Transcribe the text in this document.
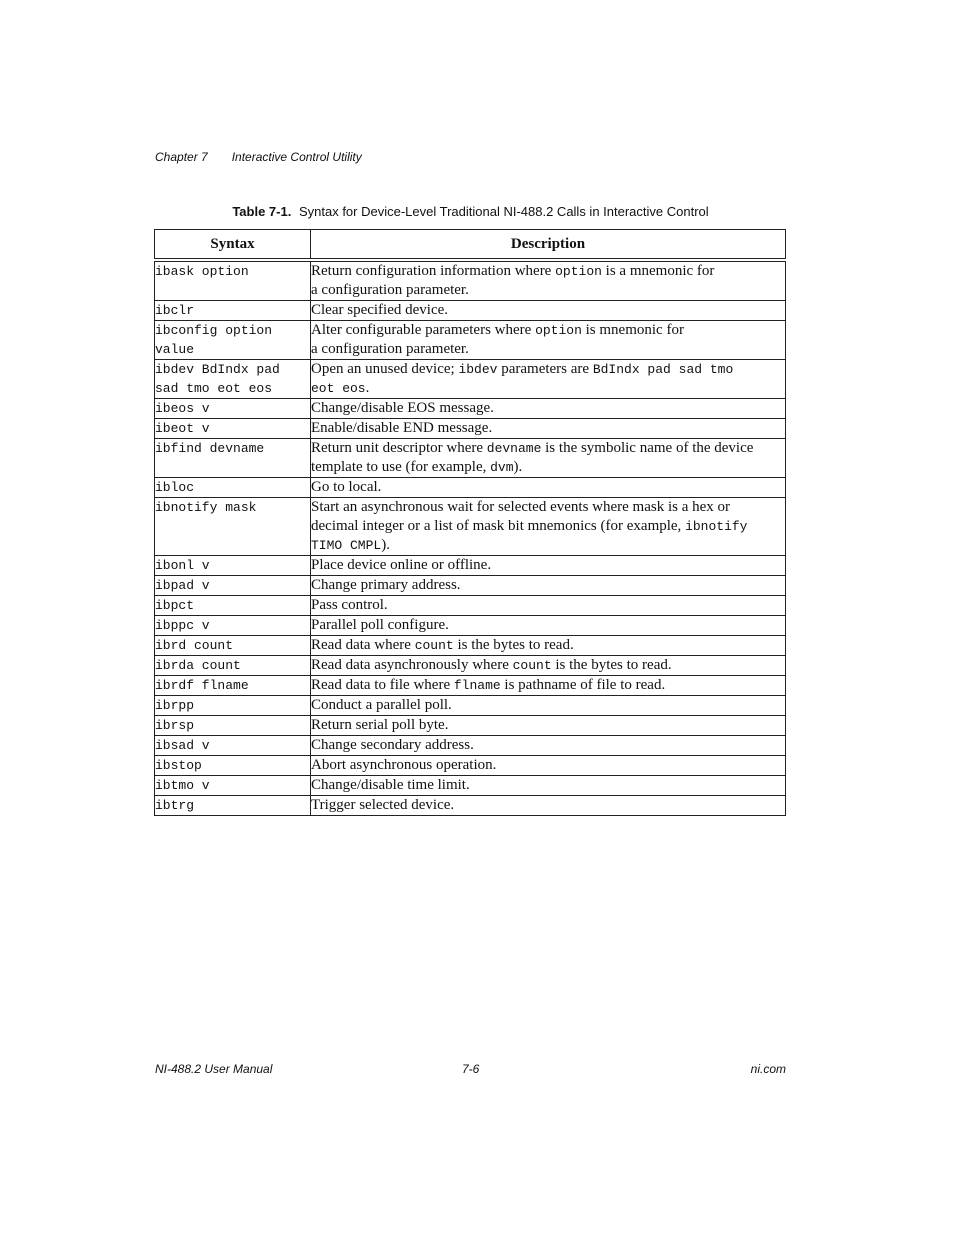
Chapter 7 Interactive Control Utility
Table 7-1. Syntax for Device-Level Traditional NI-488.2 Calls in Interactive Control
Syntax	Description
ibask option	Return configuration information where option is a mnemonic for
a configuration parameter.
ibclr	Clear specified device.
ibconfig option
value	Alter configurable parameters where option is mnemonic for
a configuration parameter.
ibdev BdIndx pad
sad tmo eot eos	Open an unused device; ibdev parameters are BdIndx pad sad tmo
eot eos.
ibeos v	Change/disable EOS message.
ibeot v	Enable/disable END message.
ibfind devname	Return unit descriptor where devname is the symbolic name of the device
template to use (for example, dvm).
ibloc	Go to local.
ibnotify mask	Start an asynchronous wait for selected events where mask is a hex or
decimal integer or a list of mask bit mnemonics (for example, ibnotify
TIMO CMPL).
ibonl v	Place device online or offline.
ibpad v	Change primary address.
ibpct	Pass control.
ibppc v	Parallel poll configure.
ibrd count	Read data where count is the bytes to read.
ibrda count	Read data asynchronously where count is the bytes to read.
ibrdf flname	Read data to file where flname is pathname of file to read.
ibrpp	Conduct a parallel poll.
ibrsp	Return serial poll byte.
ibsad v	Change secondary address.
ibstop	Abort asynchronous operation.
ibtmo v	Change/disable time limit.
ibtrg	Trigger selected device.
NI-488.2 User Manual	7-6	ni.com
